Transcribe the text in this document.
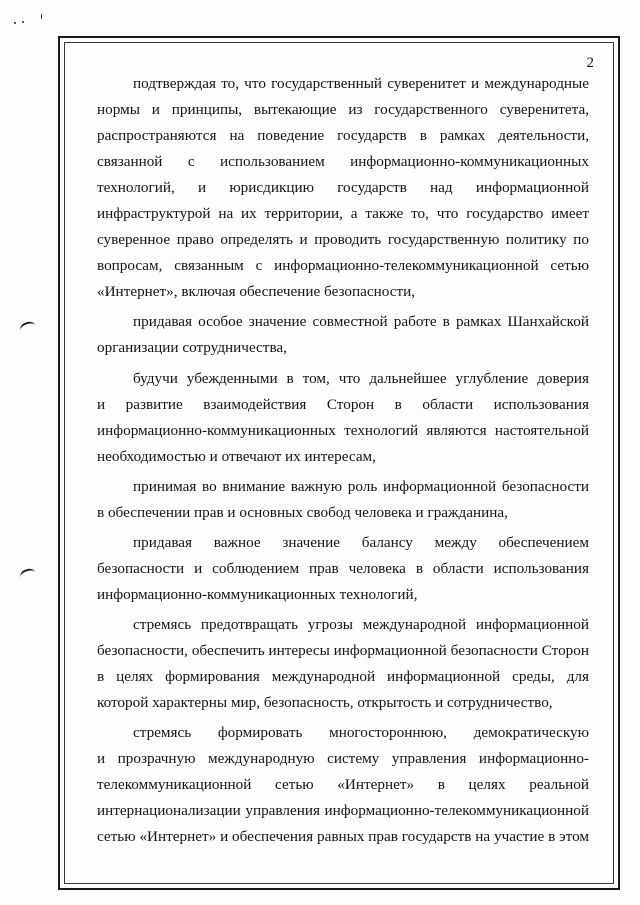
2
подтверждая то, что государственный суверенитет и международные
нормы и принципы, вытекающие из государственного суверенитета,
распространяются на поведение государств в рамках деятельности,
связанной с использованием информационно-коммуникационных
технологий, и юрисдикцию государств над информационной
инфраструктурой на их территории, а также то, что государство имеет
суверенное право определять и проводить государственную политику по
вопросам, связанным с информационно-телекоммуникационной сетью
«Интернет», включая обеспечение безопасности,
придавая особое значение совместной работе в рамках Шанхайской
организации сотрудничества,
будучи убежденными в том, что дальнейшее углубление доверия
и развитие взаимодействия Сторон в области использования
информационно-коммуникационных технологий являются настоятельной
необходимостью и отвечают их интересам,
принимая во внимание важную роль информационной безопасности
в обеспечении прав и основных свобод человека и гражданина,
придавая важное значение балансу между обеспечением
безопасности и соблюдением прав человека в области использования
информационно-коммуникационных технологий,
стремясь предотвращать угрозы международной информационной
безопасности, обеспечить интересы информационной безопасности Сторон
в целях формирования международной информационной среды, для
которой характерны мир, безопасность, открытость и сотрудничество,
стремясь формировать многостороннюю, демократическую
и прозрачную международную систему управления информационно-
телекоммуникационной сетью «Интернет» в целях реальной
интернационализации управления информационно-телекоммуникационной
сетью «Интернет» и обеспечения равных прав государств на участие в этом
